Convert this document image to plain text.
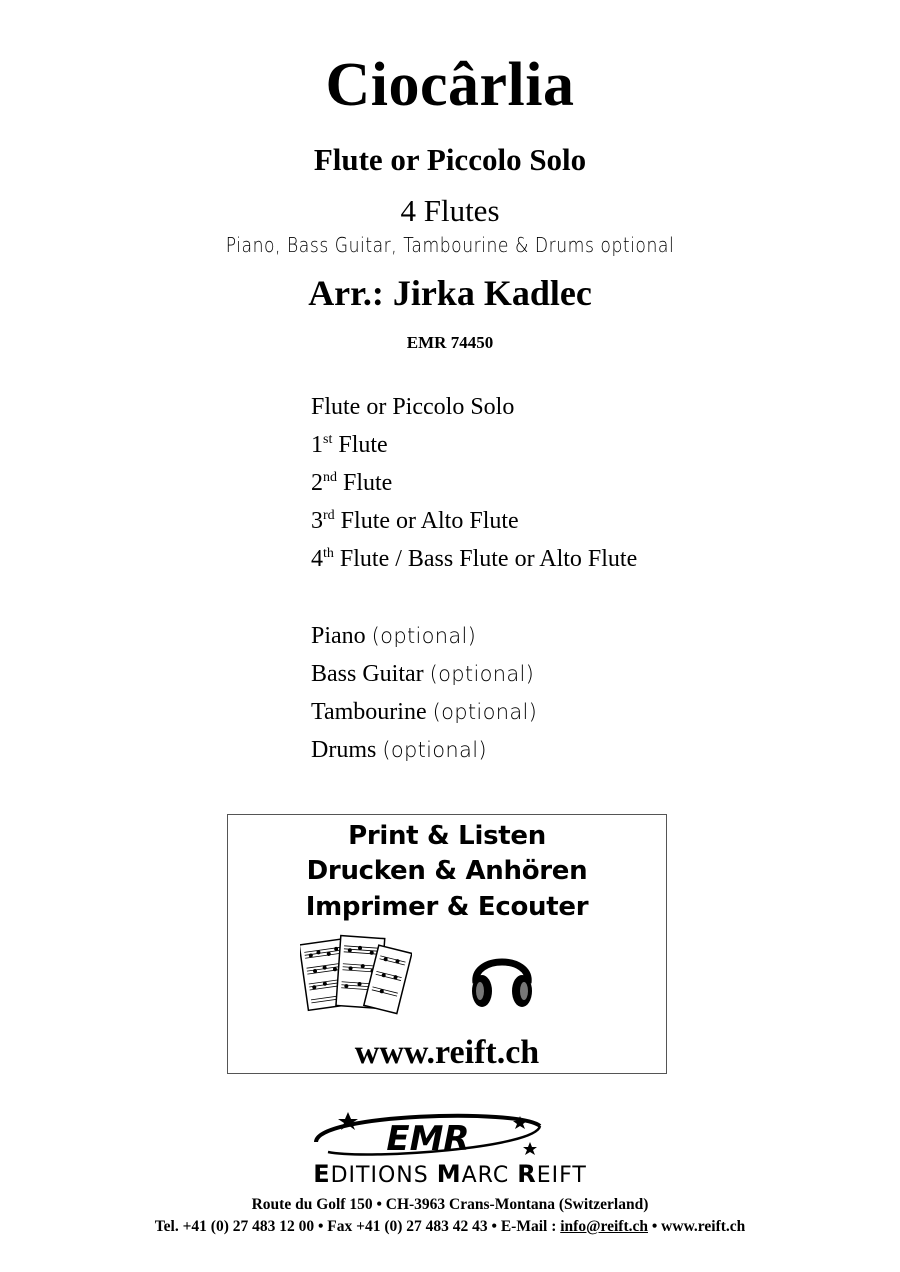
Ciocârlia
Flute or Piccolo Solo
4 Flutes
Piano, Bass Guitar, Tambourine & Drums optional
Arr.: Jirka Kadlec
EMR 74450
Flute or Piccolo Solo
1st Flute
2nd Flute
3rd Flute or Alto Flute
4th Flute / Bass Flute or Alto Flute
Piano (optional)
Bass Guitar (optional)
Tambourine (optional)
Drums (optional)
Print & Listen
Drucken & Anhören
Imprimer & Ecouter
www.reift.ch
EMR
EDITIONS MARC REIFT
Route du Golf 150 • CH-3963 Crans-Montana (Switzerland)
Tel. +41 (0) 27 483 12 00 • Fax +41 (0) 27 483 42 43 • E-Mail : info@reift.ch • www.reift.ch
